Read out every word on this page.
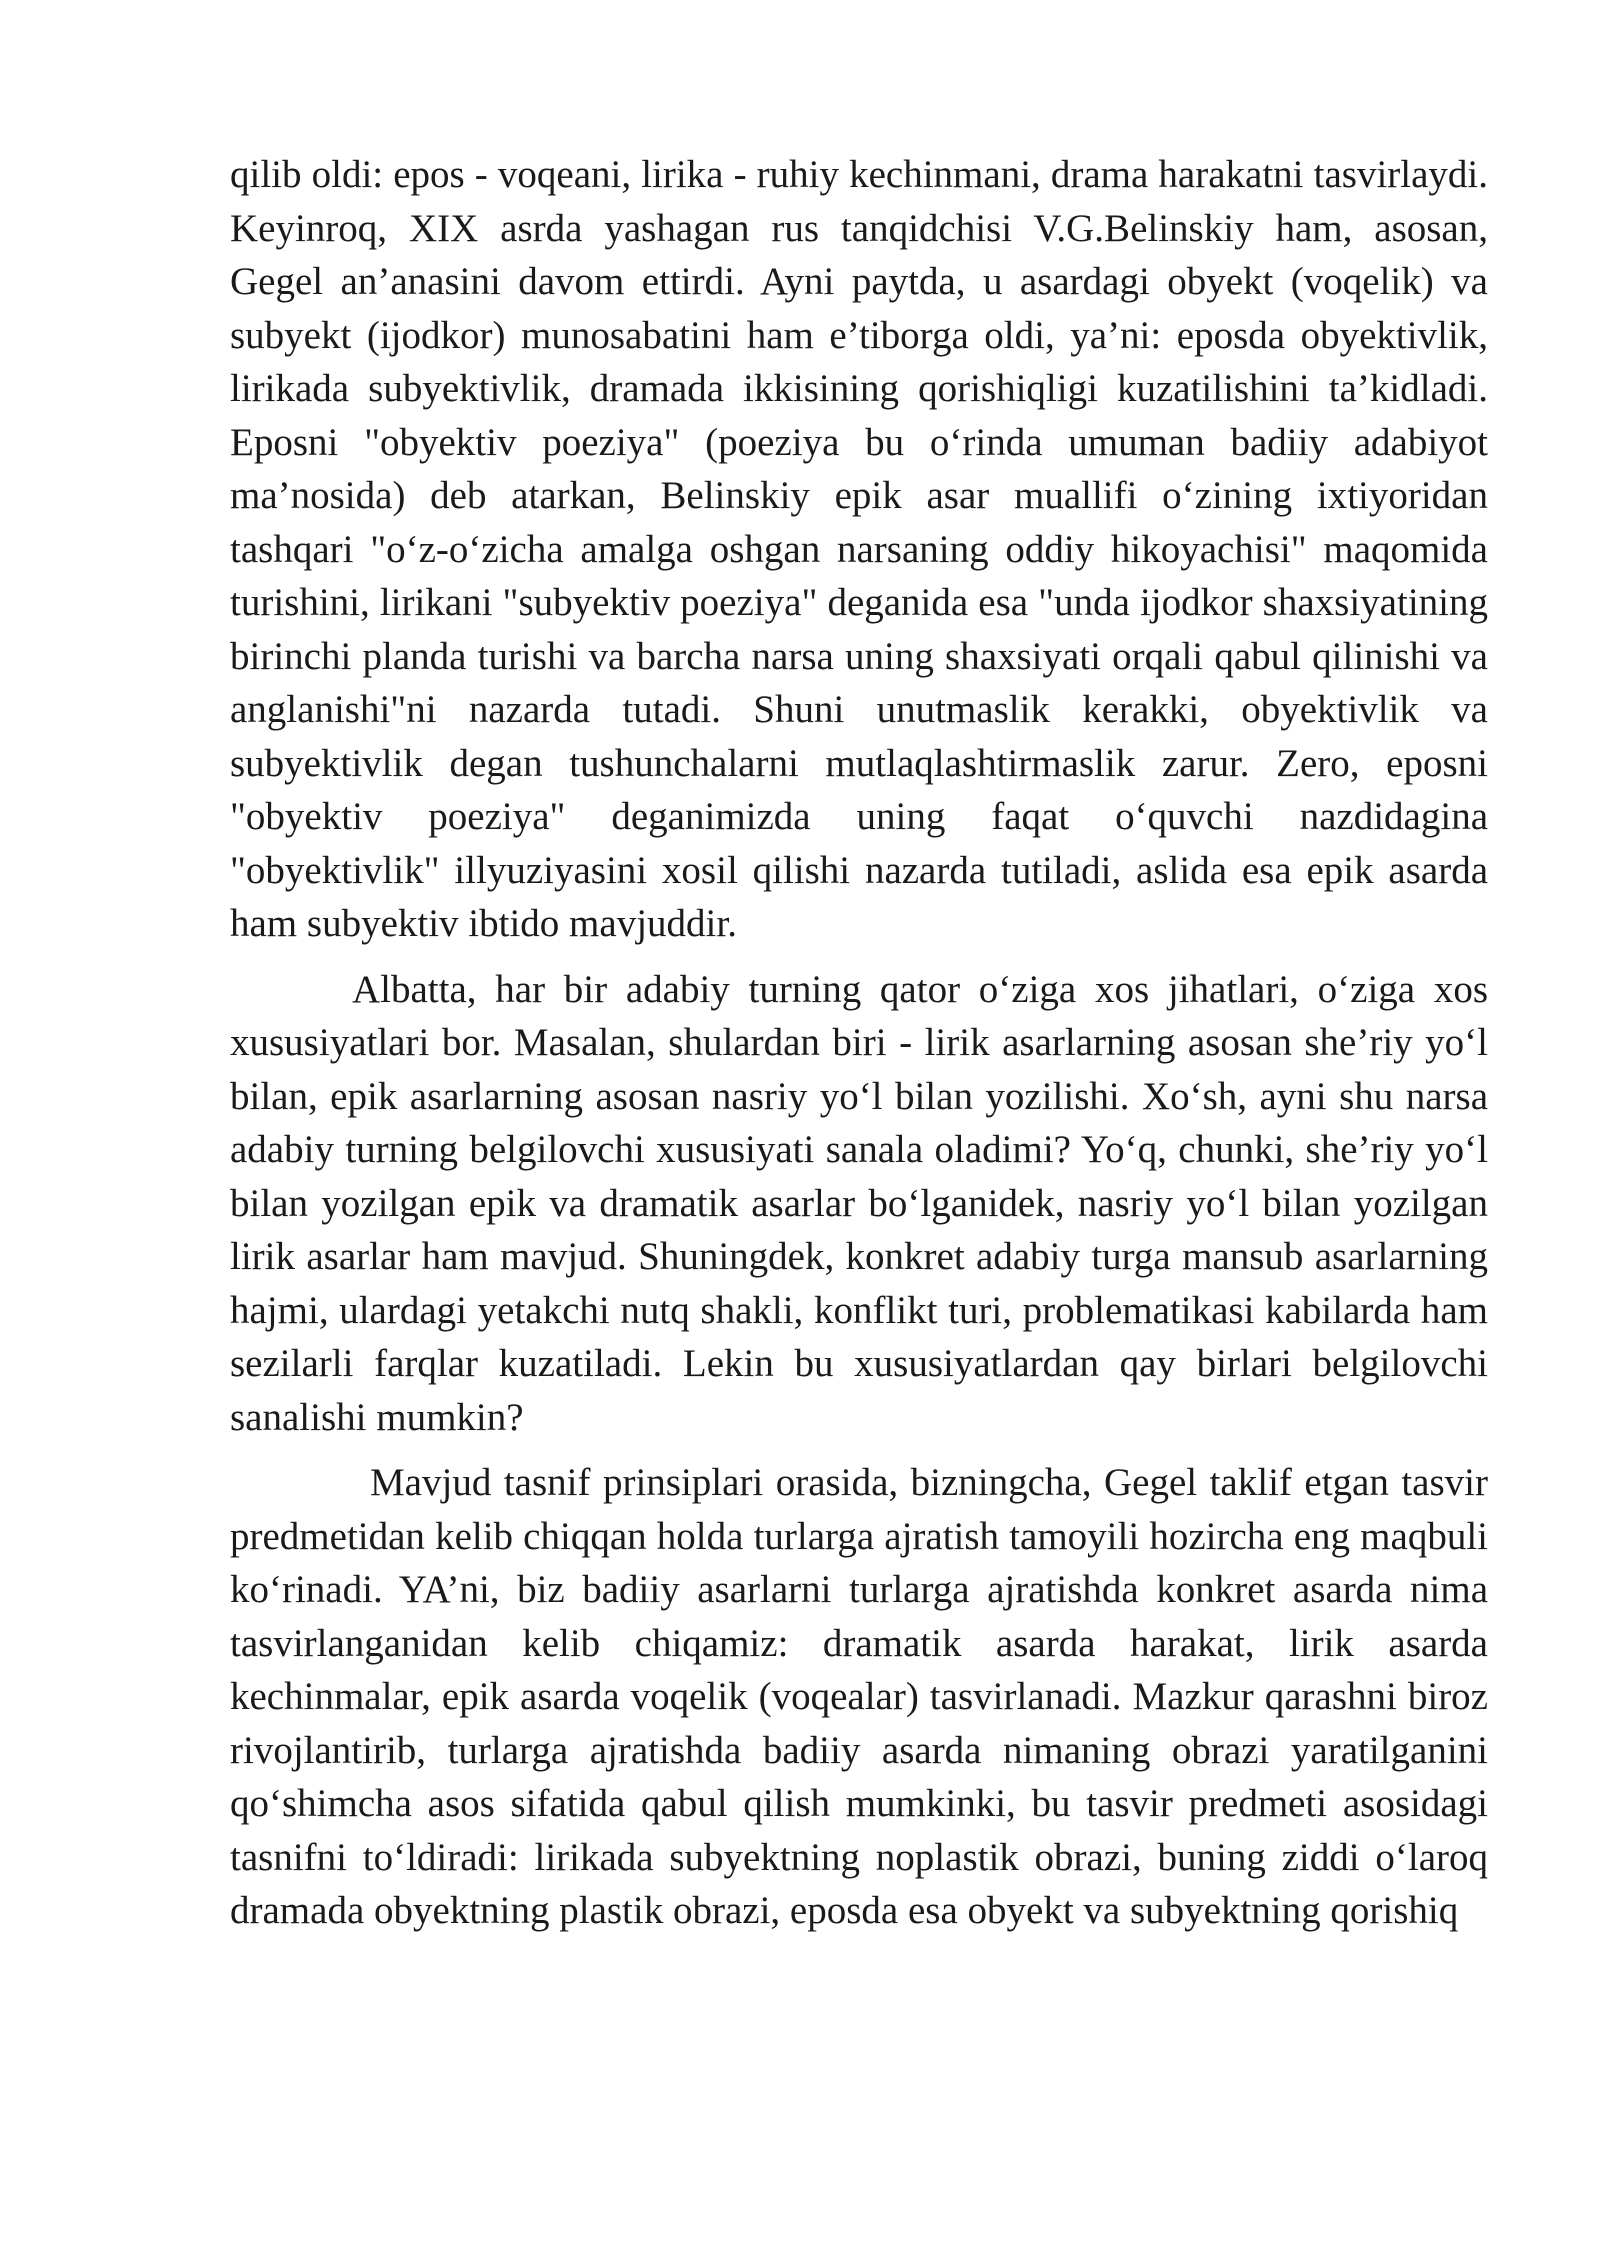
qilib oldi: epos - voqeani, lirika - ruhiy kechinmani, drama harakatni tasvirlaydi. Keyinroq, XIX asrda yashagan rus tanqidchisi V.G.Belinskiy ham, asosan, Gegel an’anasini davom ettirdi. Ayni paytda, u asardagi obyekt (voqelik) va subyekt (ijodkor) munosabatini ham e’tiborga oldi, ya’ni: eposda obyektivlik, lirikada subyektivlik, dramada ikkisining qorishiqligi kuzatilishini ta’kidladi. Eposni "obyektiv poeziya" (poeziya bu o‘rinda umuman badiiy adabiyot ma’nosida) deb atarkan, Belinskiy epik asar muallifi o‘zining ixtiyoridan tashqari "o‘z-o‘zicha amalga oshgan narsaning oddiy hikoyachisi" maqomida turishini, lirikani "subyektiv poeziya" deganida esa "unda ijodkor shaxsiyatining birinchi planda turishi va barcha narsa uning shaxsiyati orqali qabul qilinishi va anglanishi"ni nazarda tutadi. Shuni unutmaslik kerakki, obyektivlik va subyektivlik degan tushunchalarni mutlaqlashtirmaslik zarur. Zero, eposni "obyektiv poeziya" deganimizda uning faqat o‘quvchi nazdidagina "obyektivlik" illyuziyasini xosil qilishi nazarda tutiladi, aslida esa epik asarda ham subyektiv ibtido mavjuddir.

Albatta, har bir adabiy turning qator o‘ziga xos jihatlari, o‘ziga xos xususiyatlari bor. Masalan, shulardan biri - lirik asarlarning asosan she’riy yo‘l bilan, epik asarlarning asosan nasriy yo‘l bilan yozilishi. Xo‘sh, ayni shu narsa adabiy turning belgilovchi xususiyati sanala oladimi? Yo‘q, chunki, she’riy yo‘l bilan yozilgan epik va dramatik asarlar bo‘lganidek, nasriy yo‘l bilan yozilgan lirik asarlar ham mavjud. Shuningdek, konkret adabiy turga mansub asarlarning hajmi, ulardagi yetakchi nutq shakli, konflikt turi, problematikasi kabilarda ham sezilarli farqlar kuzatiladi. Lekin bu xususiyatlardan qay birlari belgilovchi sanalishi mumkin?

Mavjud tasnif prinsiplari orasida, bizningcha, Gegel taklif etgan tasvir predmetidan kelib chiqqan holda turlarga ajratish tamoyili hozircha eng maqbuli ko‘rinadi. YA’ni, biz badiiy asarlarni turlarga ajratishda konkret asarda nima tasvirlanganidan kelib chiqamiz: dramatik asarda harakat, lirik asarda kechinmalar, epik asarda voqelik (voqealar) tasvirlanadi. Mazkur qarashni biroz rivojlantirib, turlarga ajratishda badiiy asarda nimaning obrazi yaratilganini qo‘shimcha asos sifatida qabul qilish mumkinki, bu tasvir predmeti asosidagi tasnifni to‘ldiradi: lirikada subyektning noplastik obrazi, buning ziddi o‘laroq dramada obyektning plastik obrazi, eposda esa obyekt va subyektning qorishiq
